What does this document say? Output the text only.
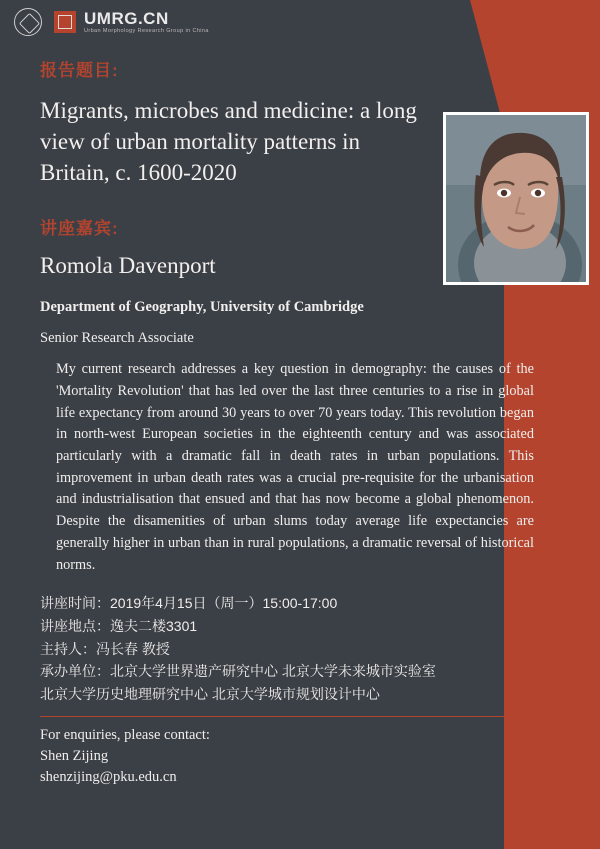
UMRG.CN
Urban Morphology Research Group in China
报告题目:
Migrants, microbes and medicine: a long view of urban mortality patterns in Britain, c. 1600-2020
讲座嘉宾:
Romola Davenport
Department of Geography, University of Cambridge
Senior Research Associate
My current research addresses a key question in demography: the causes of the 'Mortality Revolution' that has led over the last three centuries to a rise in global life expectancy from around 30 years to over 70 years today. This revolution began in north-west European societies in the eighteenth century and was associated particularly with a dramatic fall in death rates in urban populations. This improvement in urban death rates was a crucial pre-requisite for the urbanisation and industrialisation that ensued and that has now become a global phenomenon. Despite the disamenities of urban slums today average life expectancies are generally higher in urban than in rural populations, a dramatic reversal of historical norms.
讲座时间：2019年4月15日（周一）15:00-17:00
讲座地点：逸夫二楼3301
主持人：冯长春 教授
承办单位：北京大学世界遗产研究中心 北京大学未来城市实验室
北京大学历史地理研究中心 北京大学城市规划设计中心
For enquiries, please contact:
Shen Zijing
shenzijing@pku.edu.cn
